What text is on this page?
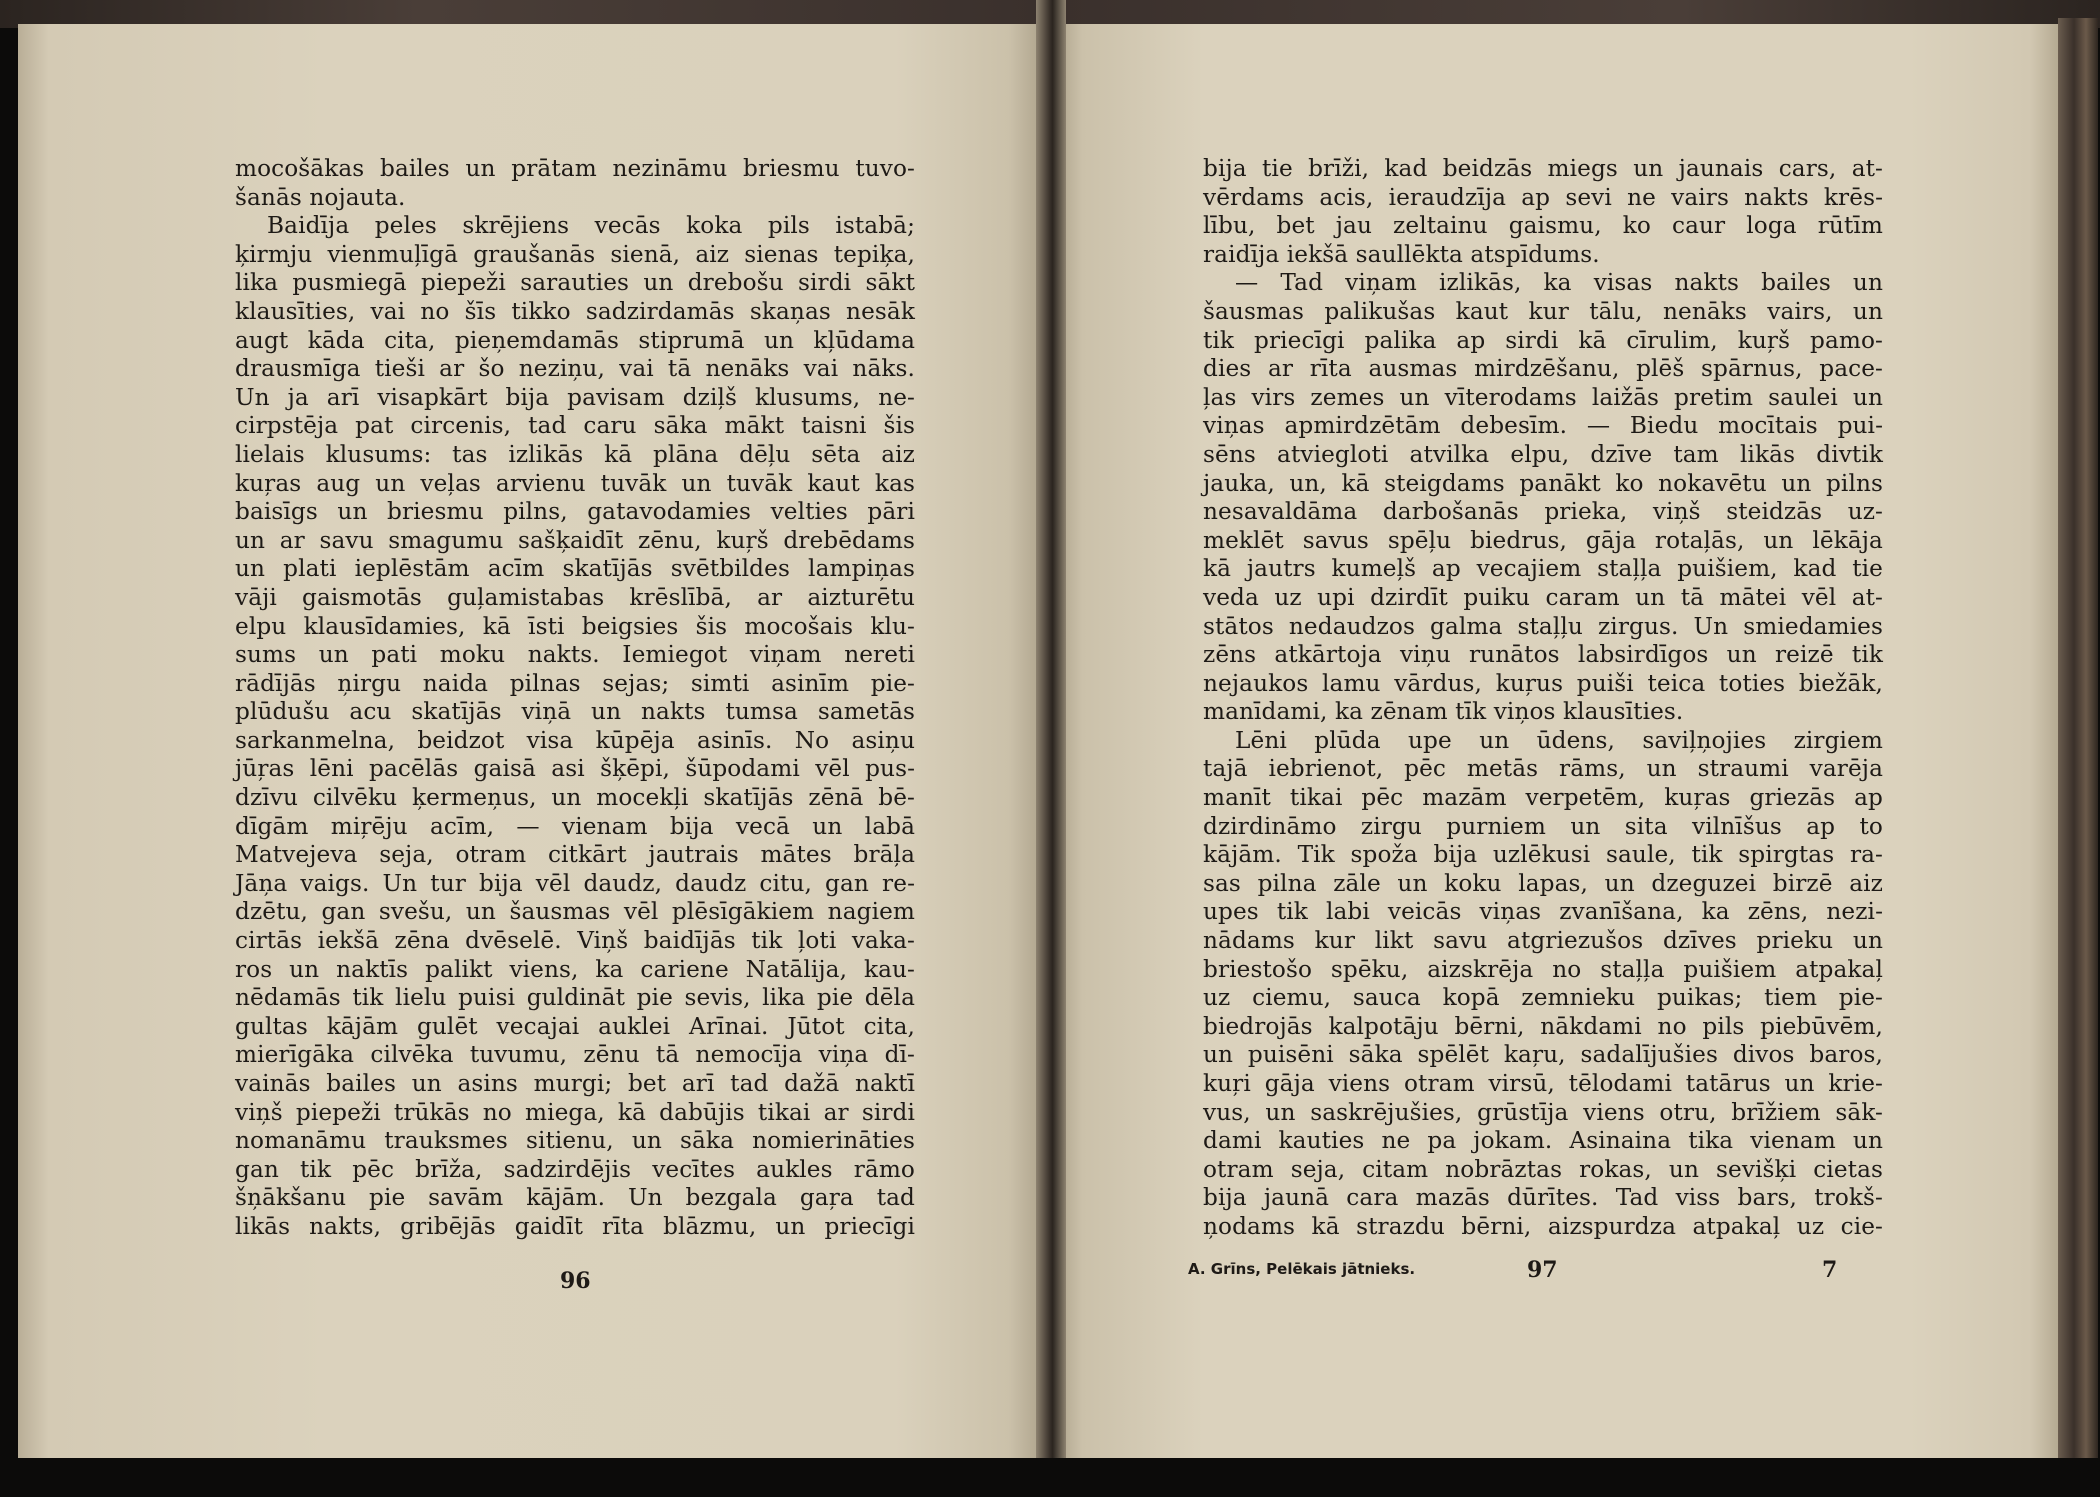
mocošākas bailes un prātam nezināmu briesmu tuvo-
šanās nojauta.
Baidīja peles skrējiens vecās koka pils istabā;
ķirmju vienmuļīgā graušanās sienā, aiz sienas tepiķa,
lika pusmiegā piepeži sarauties un drebošu sirdi sākt
klausīties, vai no šīs tikko sadzirdamās skaņas nesāk
augt kāda cita, pieņemdamās stiprumā un kļūdama
drausmīga tieši ar šo neziņu, vai tā nenāks vai nāks.
Un ja arī visapkārt bija pavisam dziļš klusums, ne-
cirpstēja pat circenis, tad caru sāka mākt taisni šis
lielais klusums: tas izlikās kā plāna dēļu sēta aiz
kuŗas aug un veļas arvienu tuvāk un tuvāk kaut kas
baisīgs un briesmu pilns, gatavodamies velties pāri
un ar savu smagumu sašķaidīt zēnu, kuŗš drebēdams
un plati ieplēstām acīm skatījās svētbildes lampiņas
vāji gaismotās guļamistabas krēslībā, ar aizturētu
elpu klausīdamies, kā īsti beigsies šis mocošais klu-
sums un pati moku nakts. Iemiegot viņam nereti
rādījās ņirgu naida pilnas sejas; simti asinīm pie-
plūdušu acu skatījās viņā un nakts tumsa sametās
sarkanmelna, beidzot visa kūpēja asinīs. No asiņu
jūŗas lēni pacēlās gaisā asi šķēpi, šūpodami vēl pus-
dzīvu cilvēku ķermeņus, un mocekļi skatījās zēnā bē-
dīgām miŗēju acīm, — vienam bija vecā un labā
Matvejeva seja, otram citkārt jautrais mātes brāļa
Jāņa vaigs. Un tur bija vēl daudz, daudz citu, gan re-
dzētu, gan svešu, un šausmas vēl plēsīgākiem nagiem
cirtās iekšā zēna dvēselē. Viņš baidījās tik ļoti vaka-
ros un naktīs palikt viens, ka cariene Natālija, kau-
nēdamās tik lielu puisi guldināt pie sevis, lika pie dēla
gultas kājām gulēt vecajai auklei Arīnai. Jūtot cita,
mierīgāka cilvēka tuvumu, zēnu tā nemocīja viņa dī-
vainās bailes un asins murgi; bet arī tad dažā naktī
viņš piepeži trūkās no miega, kā dabūjis tikai ar sirdi
nomanāmu trauksmes sitienu, un sāka nomierināties
gan tik pēc brīža, sadzirdējis vecītes aukles rāmo
šņākšanu pie savām kājām. Un bezgala gaŗa tad
likās nakts, gribējās gaidīt rīta blāzmu, un priecīgi
96
bija tie brīži, kad beidzās miegs un jaunais cars, at-
vērdams acis, ieraudzīja ap sevi ne vairs nakts krēs-
lību, bet jau zeltainu gaismu, ko caur loga rūtīm
raidīja iekšā saullēkta atspīdums.
— Tad viņam izlikās, ka visas nakts bailes un
šausmas palikušas kaut kur tālu, nenāks vairs, un
tik priecīgi palika ap sirdi kā cīrulim, kuŗš pamo-
dies ar rīta ausmas mirdzēšanu, plēš spārnus, pace-
ļas virs zemes un vīterodams laižās pretim saulei un
viņas apmirdzētām debesīm. — Biedu mocītais pui-
sēns atviegloti atvilka elpu, dzīve tam likās divtik
jauka, un, kā steigdams panākt ko nokavētu un pilns
nesavaldāma darbošanās prieka, viņš steidzās uz-
meklēt savus spēļu biedrus, gāja rotaļās, un lēkāja
kā jautrs kumeļš ap vecajiem staļļa puišiem, kad tie
veda uz upi dzirdīt puiku caram un tā mātei vēl at-
stātos nedaudzos galma staļļu zirgus. Un smiedamies
zēns atkārtoja viņu runātos labsirdīgos un reizē tik
nejaukos lamu vārdus, kuŗus puiši teica toties biežāk,
manīdami, ka zēnam tīk viņos klausīties.
Lēni plūda upe un ūdens, saviļņojies zirgiem
tajā iebrienot, pēc metās rāms, un straumi varēja
manīt tikai pēc mazām verpetēm, kuŗas griezās ap
dzirdināmo zirgu purniem un sita vilnīšus ap to
kājām. Tik spoža bija uzlēkusi saule, tik spirgtas ra-
sas pilna zāle un koku lapas, un dzeguzei birzē aiz
upes tik labi veicās viņas zvanīšana, ka zēns, nezi-
nādams kur likt savu atgriezušos dzīves prieku un
briestošo spēku, aizskrēja no staļļa puišiem atpakaļ
uz ciemu, sauca kopā zemnieku puikas; tiem pie-
biedrojās kalpotāju bērni, nākdami no pils piebūvēm,
un puisēni sāka spēlēt kaŗu, sadalījušies divos baros,
kuŗi gāja viens otram virsū, tēlodami tatārus un krie-
vus, un saskrējušies, grūstīja viens otru, brīžiem sāk-
dami kauties ne pa jokam. Asinaina tika vienam un
otram seja, citam nobrāztas rokas, un sevišķi cietas
bija jaunā cara mazās dūrītes. Tad viss bars, trokš-
ņodams kā strazdu bērni, aizspurdza atpakaļ uz cie-
A. Grīns, Pelēkais jātnieks.	97	7
